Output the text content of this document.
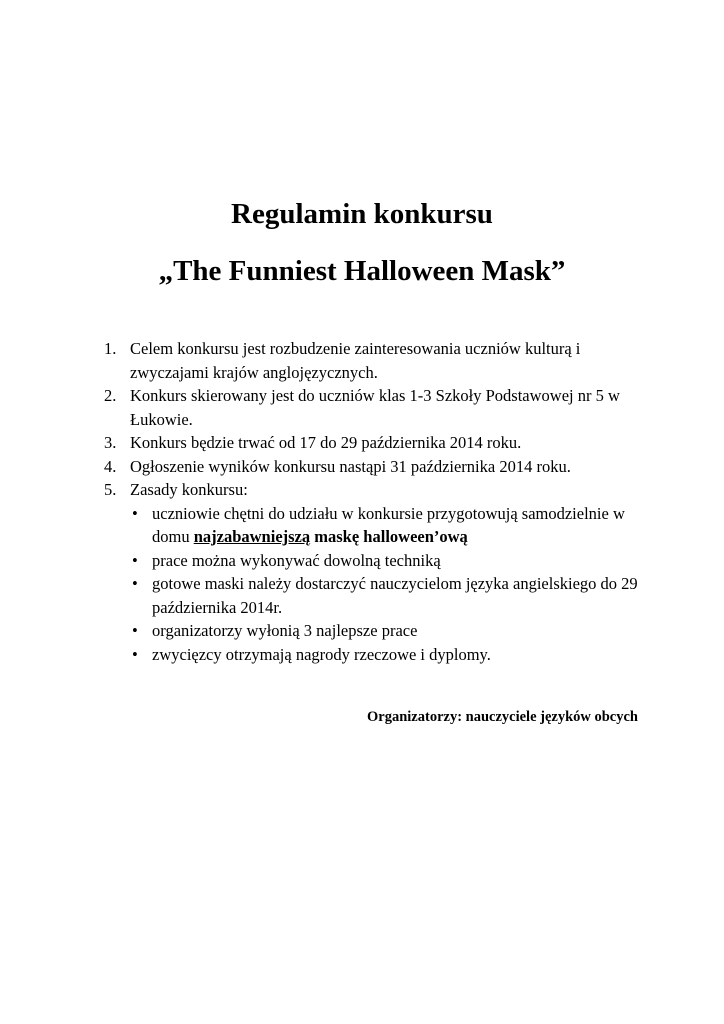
Regulamin konkursu
„The Funniest Halloween Mask”
1. Celem konkursu jest rozbudzenie zainteresowania uczniów kulturą i zwyczajami krajów anglojęzycznych.
2. Konkurs skierowany jest do uczniów klas 1-3 Szkoły Podstawowej nr 5 w Łukowie.
3. Konkurs będzie trwać od 17 do 29 października 2014 roku.
4. Ogłoszenie wyników konkursu nastąpi 31 października 2014 roku.
5. Zasady konkursu:
• uczniowie chętni do udziału w konkursie przygotowują samodzielnie w domu najzabawniejszą maskę halloween’ową
• prace można wykonywać dowolną techniką
• gotowe maski należy dostarczyć nauczycielom języka angielskiego do 29 października 2014r.
• organizatorzy wyłonią 3 najlepsze prace
• zwycięzcy otrzymają nagrody rzeczowe i dyplomy.
Organizatorzy: nauczyciele języków obcych
